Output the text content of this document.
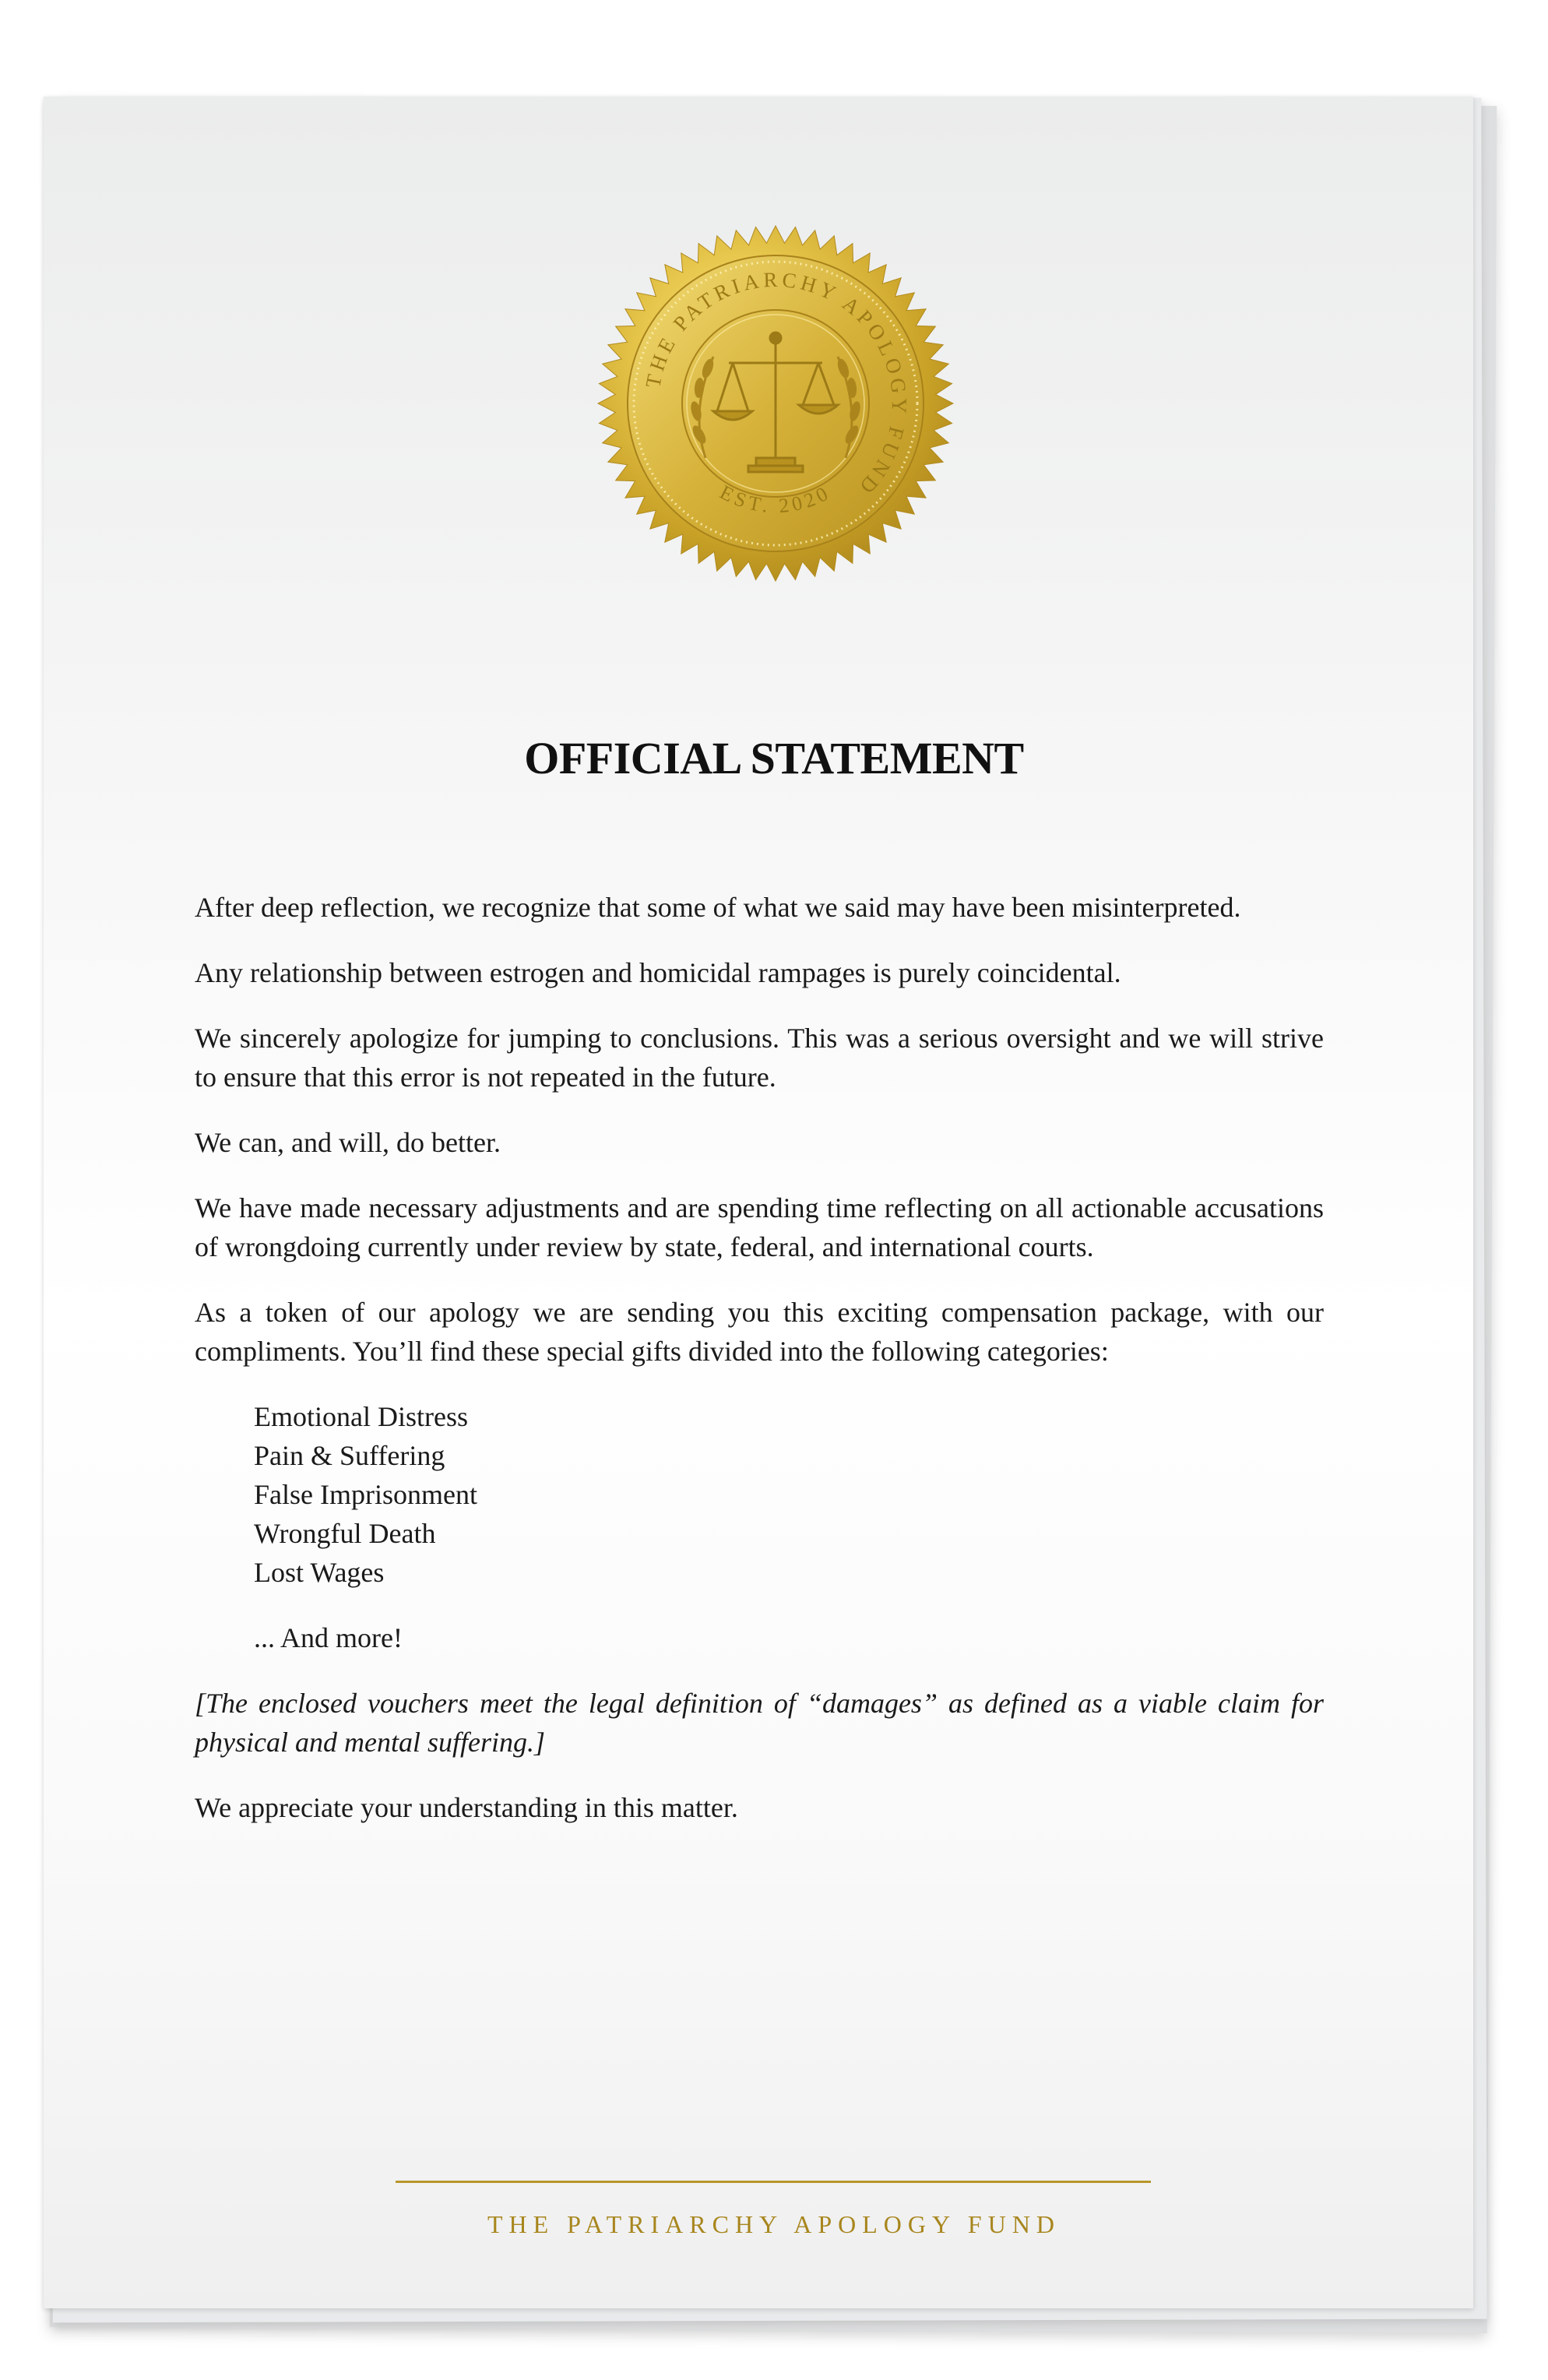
THE PATRIARCHY APOLOGY FUND
EST. 2020
OFFICIAL STATEMENT

After deep reflection, we recognize that some of what we said may have been misinterpreted.

Any relationship between estrogen and homicidal rampages is purely coincidental.

We sincerely apologize for jumping to conclusions. This was a serious oversight and we will strive to ensure that this error is not repeated in the future.

We can, and will, do better.

We have made necessary adjustments and are spending time reflecting on all actionable accusations of wrongdoing currently under review by state, federal, and international courts.

As a token of our apology we are sending you this exciting compensation package, with our compliments. You’ll find these special gifts divided into the following categories:

Emotional Distress
Pain & Suffering
False Imprisonment
Wrongful Death
Lost Wages

... And more!

[The enclosed vouchers meet the legal definition of “damages” as defined as a viable claim for physical and mental suffering.]

We appreciate your understanding in this matter.

THE PATRIARCHY APOLOGY FUND
